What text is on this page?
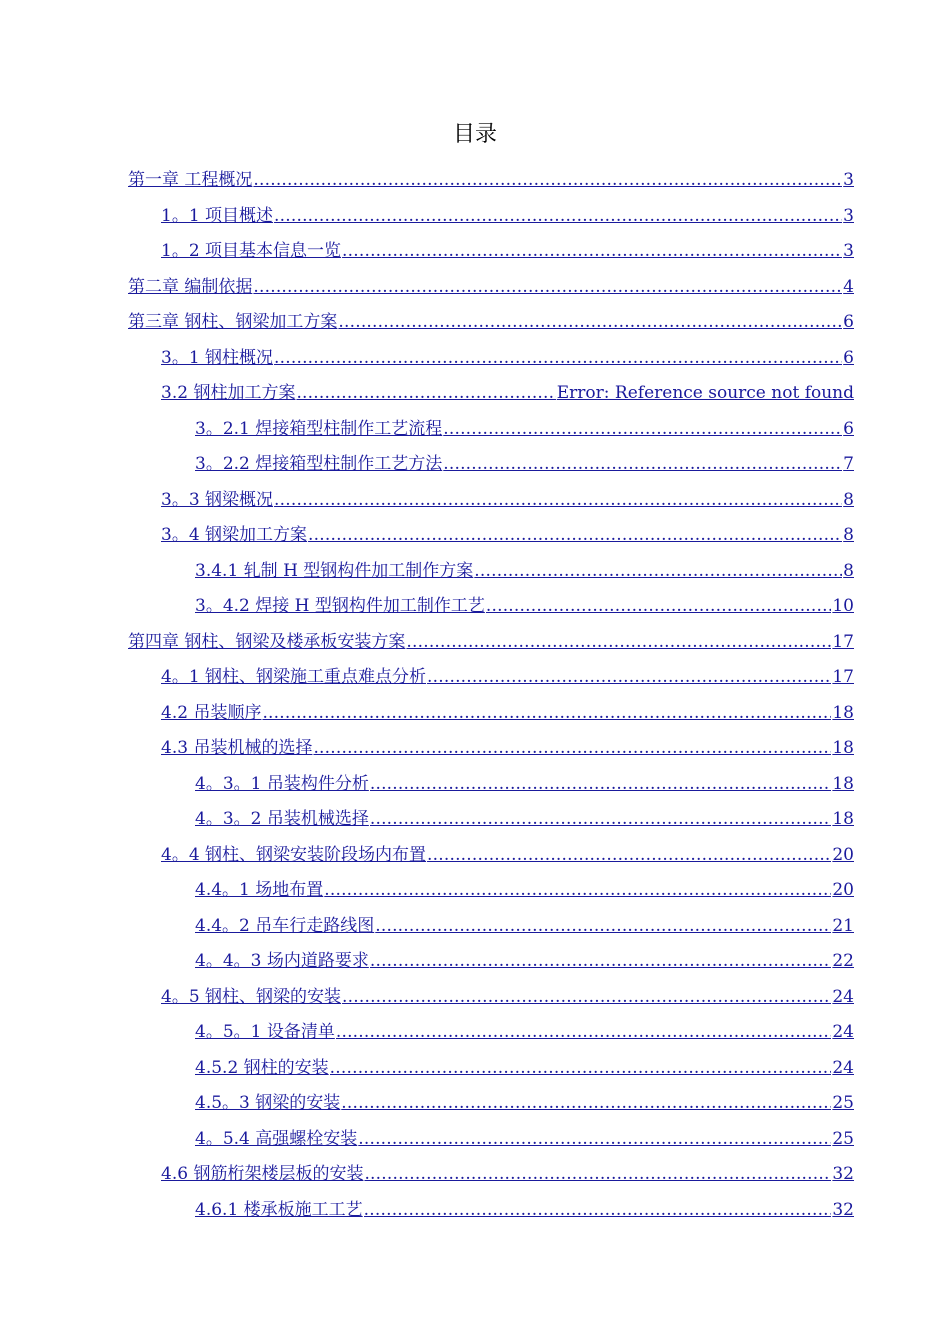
目录
第一章 工程概况 .....	3
1。1 项目概述 .....	3
1。2 项目基本信息一览 .....	3
第二章 编制依据 .....	4
第三章 钢柱、钢梁加工方案 .....	6
3。1 钢柱概况 .....	6
3.2 钢柱加工方案 .....	Error: Reference source not found
3。2.1 焊接箱型柱制作工艺流程 .....	6
3。2.2 焊接箱型柱制作工艺方法 .....	7
3。3 钢梁概况 .....	8
3。4 钢梁加工方案 .....	8
3.4.1 轧制 H 型钢构件加工制作方案 .....	8
3。4.2 焊接 H 型钢构件加工制作工艺 .....	10
第四章 钢柱、钢梁及楼承板安装方案 .....	17
4。1 钢柱、钢梁施工重点难点分析 .....	17
4.2 吊装顺序 .....	18
4.3 吊装机械的选择 .....	18
4。3。1 吊装构件分析 .....	18
4。3。2 吊装机械选择 .....	18
4。4 钢柱、钢梁安装阶段场内布置 .....	20
4.4。1 场地布置 .....	20
4.4。2 吊车行走路线图 .....	21
4。4。3 场内道路要求 .....	22
4。5 钢柱、钢梁的安装 .....	24
4。5。1 设备清单 .....	24
4.5.2 钢柱的安装 .....	24
4.5。3 钢梁的安装 .....	25
4。5.4 高强螺栓安装 .....	25
4.6 钢筋桁架楼层板的安装 .....	32
4.6.1 楼承板施工工艺 .....	32
